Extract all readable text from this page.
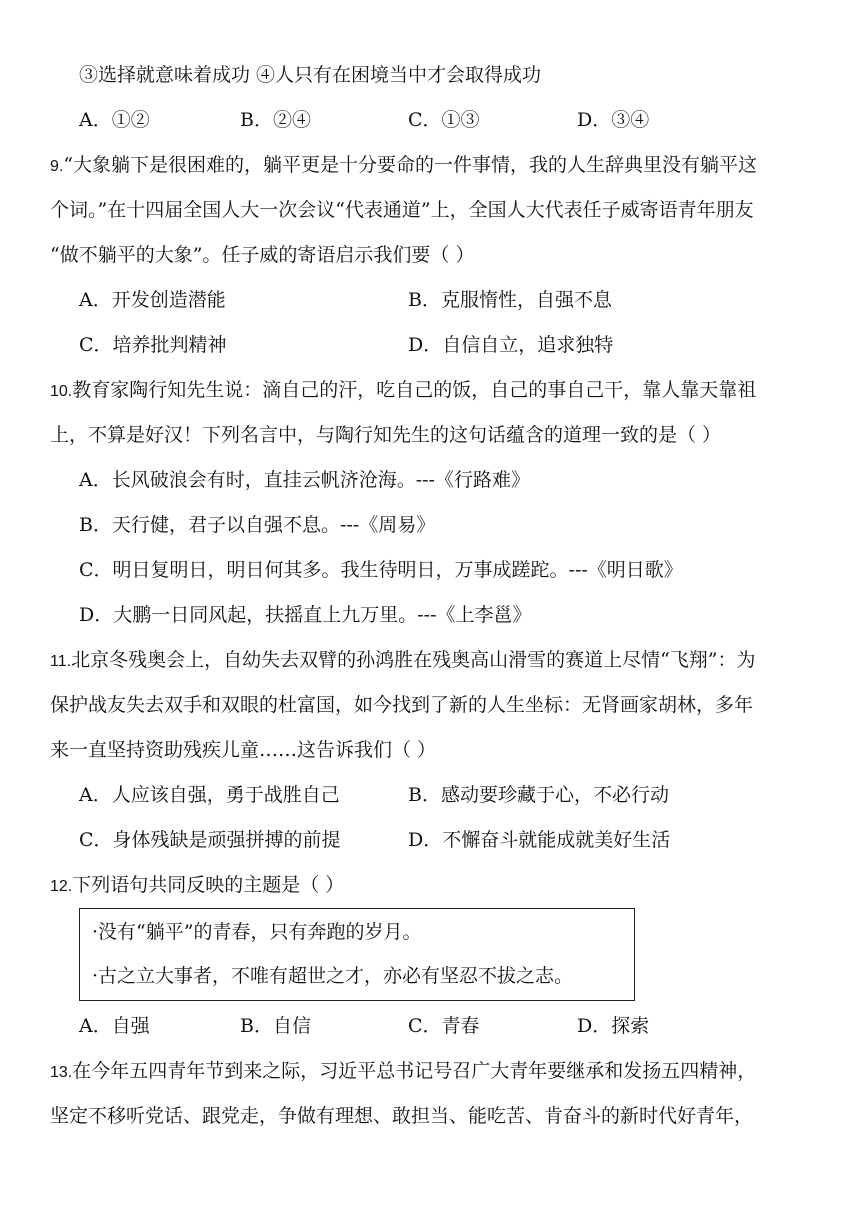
③选择就意味着成功 ④人只有在困境当中才会取得成功
A．①②	B．②④	C．①③	D．③④
9.“大象躺下是很困难的，躺平更是十分要命的一件事情，我的人生辞典里没有躺平这
个词。”在十四届全国人大一次会议“代表通道”上，全国人大代表任子威寄语青年朋友
“做不躺平的大象”。任子威的寄语启示我们要（ ）
A．开发创造潜能	B．克服惰性，自强不息
C．培养批判精神	D．自信自立，追求独特
10.教育家陶行知先生说：滴自己的汗，吃自己的饭，自己的事自己干，靠人靠天靠祖
上，不算是好汉！下列名言中，与陶行知先生的这句话蕴含的道理一致的是（ ）
A．长风破浪会有时，直挂云帆济沧海。---《行路难》
B．天行健，君子以自强不息。---《周易》
C．明日复明日，明日何其多。我生待明日，万事成蹉跎。---《明日歌》
D．大鹏一日同风起，扶摇直上九万里。---《上李邕》
11.北京冬残奥会上，自幼失去双臂的孙鸿胜在残奥高山滑雪的赛道上尽情“飞翔”：为
保护战友失去双手和双眼的杜富国，如今找到了新的人生坐标：无肾画家胡林，多年
来一直坚持资助残疾儿童……这告诉我们（ ）
A．人应该自强，勇于战胜自己	B．感动要珍藏于心，不必行动
C．身体残缺是顽强拼搏的前提	D．不懈奋斗就能成就美好生活
12.下列语句共同反映的主题是（ ）
·没有“躺平”的青春，只有奔跑的岁月。
·古之立大事者，不唯有超世之才，亦必有坚忍不拔之志。
A．自强	B．自信	C．青春	D．探索
13.在今年五四青年节到来之际，习近平总书记号召广大青年要继承和发扬五四精神，
坚定不移听党话、跟党走，争做有理想、敢担当、能吃苦、肯奋斗的新时代好青年，
